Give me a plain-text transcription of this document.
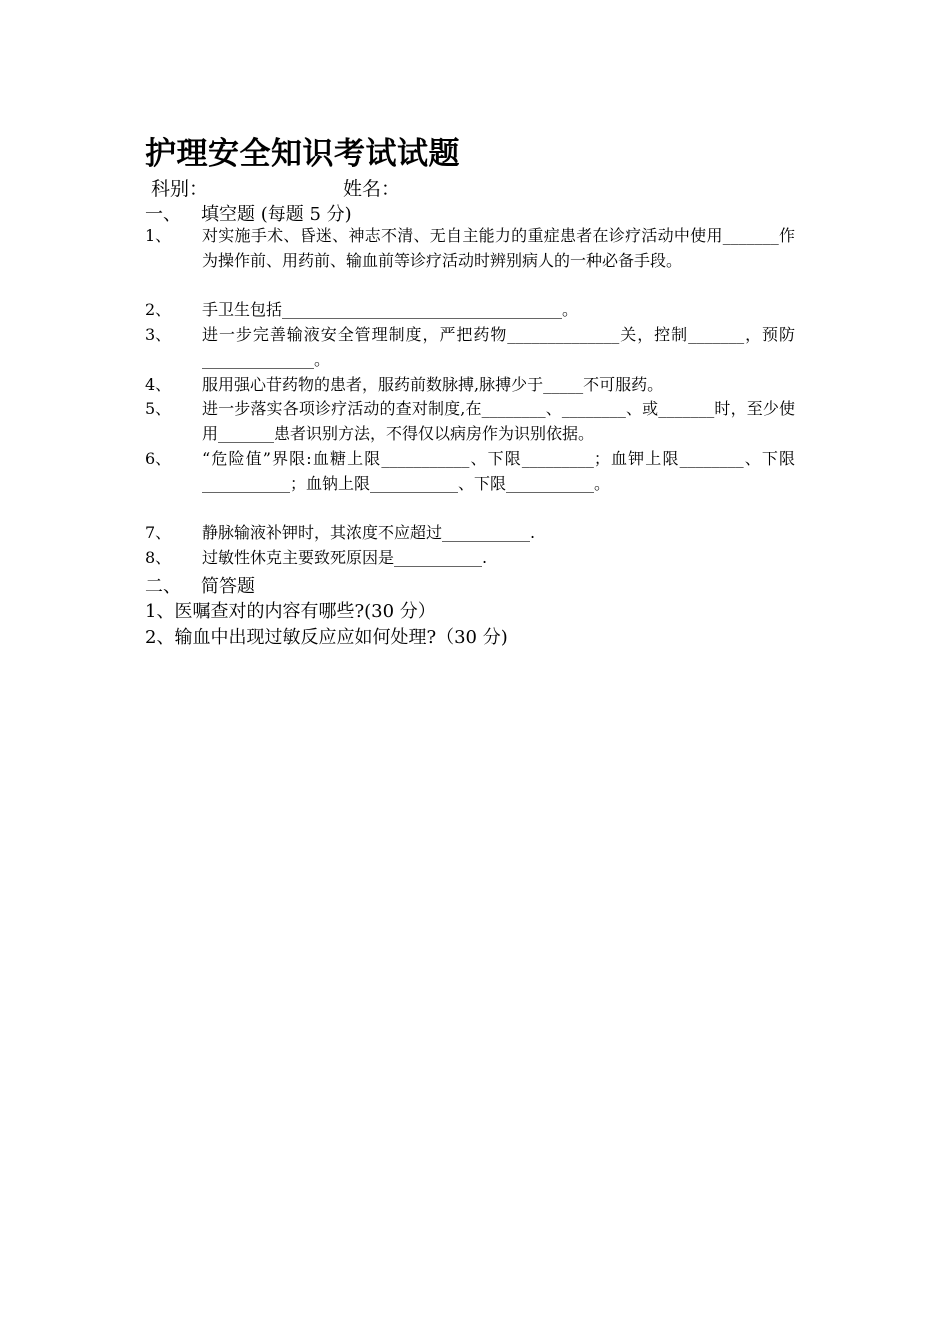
护理安全知识考试试题
科别：	姓名：
一、 填空题 (每题 5 分)
1、 对实施手术、昏迷、神志不清、无自主能力的重症患者在诊疗活动中使用_______作为操作前、用药前、输血前等诊疗活动时辨别病人的一种必备手段。
2、 手卫生包括___________________________________。
3、 进一步完善输液安全管理制度，严把药物______________关，控制_______，预防______________。
4、 服用强心苷药物的患者，服药前数脉搏,脉搏少于_____不可服药。
5、 进一步落实各项诊疗活动的查对制度,在________、________、或_______时，至少使用_______患者识别方法，不得仅以病房作为识别依据。
6、 “危险值”界限:血糖上限___________、下限_________；血钾上限________、下限___________；血钠上限___________、下限___________。
7、 静脉输液补钾时，其浓度不应超过___________.
8、 过敏性休克主要致死原因是___________.
二、 简答题
1、医嘱查对的内容有哪些?(30 分）
2、输血中出现过敏反应应如何处理?（30 分)
